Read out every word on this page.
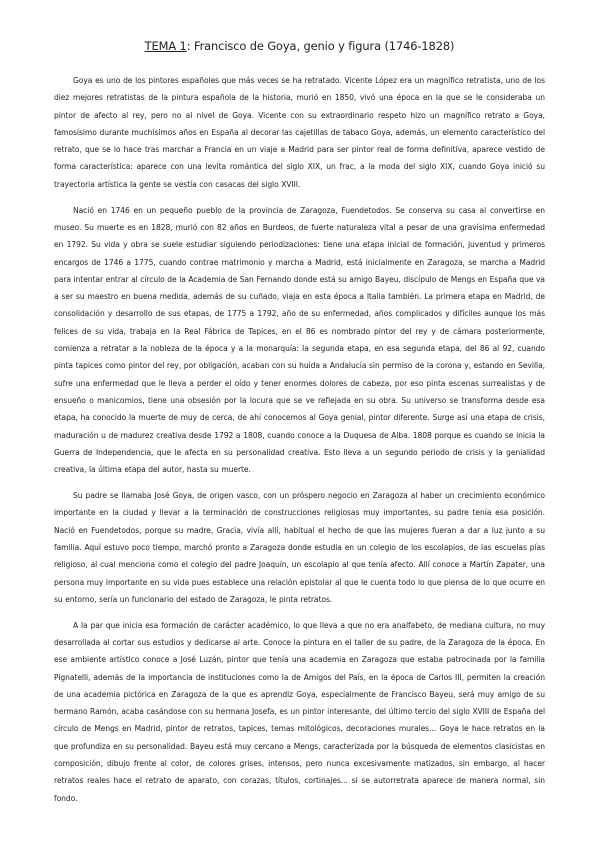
TEMA 1: Francisco de Goya, genio y figura (1746-1828)

Goya es uno de los pintores españoles que más veces se ha retratado. Vicente López era un magnífico retratista, uno de los diez mejores retratistas de la pintura española de la historia, murió en 1850, vivó una época en la que se le consideraba un pintor de afecto al rey, pero no al nivel de Goya. Vicente con su extraordinario respeto hizo un magnífico retrato a Goya, famosísimo durante muchísimos años en España al decorar las cajetillas de tabaco Goya, además, un elemento característico del retrato, que se lo hace tras marchar a Francia en un viaje a Madrid para ser pintor real de forma definitiva, aparece vestido de forma característica: aparece con una levita romántica del siglo XIX, un frac, a la moda del siglo XIX, cuando Goya inició su trayectoria artística la gente se vestía con casacas del siglo XVIII.

Nació en 1746 en un pequeño pueblo de la provincia de Zaragoza, Fuendetodos. Se conserva su casa al convertirse en museo. Su muerte es en 1828, murió con 82 años en Burdeos, de fuerte naturaleza vital a pesar de una gravísima enfermedad en 1792. Su vida y obra se suele estudiar siguiendo periodizaciones: tiene una etapa inicial de formación, juventud y primeros encargos de 1746 a 1775, cuando contrae matrimonio y marcha a Madrid, está inicialmente en Zaragoza, se marcha a Madrid para intentar entrar al círculo de la Academia de San Fernando donde está su amigo Bayeu, discípulo de Mengs en España que va a ser su maestro en buena medida, además de su cuñado, viaja en esta época a Italia también. La primera etapa en Madrid, de consolidación y desarrollo de sus etapas, de 1775 a 1792, año de su enfermedad, años complicados y difíciles aunque los más felices de su vida, trabaja en la Real Fábrica de Tapices, en el 86 es nombrado pintor del rey y de cámara posteriormente, comienza a retratar a la nobleza de la época y a la monarquía: la segunda etapa, en esa segunda etapa, del 86 al 92, cuando pinta tapices como pintor del rey, por obligación, acaban con su huida a Andalucía sin permiso de la corona y, estando en Sevilla, sufre una enfermedad que le lleva a perder el oído y tener enormes dolores de cabeza, por eso pinta escenas surrealistas y de ensueño o manicomios, tiene una obsesión por la locura que se ve reflejada en su obra. Su universo se transforma desde esa etapa, ha conocido la muerte de muy de cerca, de ahí conocemos al Goya genial, pintor diferente. Surge así una etapa de crisis, maduración u de madurez creativa desde 1792 a 1808, cuando conoce a la Duquesa de Alba. 1808 porque es cuando se inicia la Guerra de Independencia, que le afecta en su personalidad creativa. Esto lleva a un segundo periodo de crisis y la genialidad creativa, la última etapa del autor, hasta su muerte.

Su padre se llamaba José Goya, de origen vasco, con un próspero negocio en Zaragoza al haber un crecimiento económico importante en la ciudad y llevar a la terminación de construcciones religiosas muy importantes, su padre tenía esa posición. Nació en Fuendetodos, porque su madre, Gracia, vivía allí, habitual el hecho de que las mujeres fueran a dar a luz junto a su familia. Aquí estuvo poco tiempo, marchó pronto a Zaragoza donde estudia en un colegio de los escolapios, de las escuelas pías religioso, al cual menciona como el colegio del padre Joaquín, un escolapio al que tenía afecto. Allí conoce a Martín Zapater, una persona muy importante en su vida pues establece una relación epistolar al que le cuenta todo lo que piensa de lo que ocurre en su entorno, sería un funcionario del estado de Zaragoza, le pinta retratos.

A la par que inicia esa formación de carácter académico, lo que lleva a que no era analfabeto, de mediana cultura, no muy desarrollada al cortar sus estudios y dedicarse al arte. Conoce la pintura en el taller de su padre, de la Zaragoza de la época. En ese ambiente artístico conoce a José Luzán, pintor que tenía una academia en Zaragoza que estaba patrocinada por la familia Pignatelli, además de la importancia de instituciones como la de Amigos del País, en la época de Carlos III, permiten la creación de una academia pictórica en Zaragoza de la que es aprendiz Goya, especialmente de Francisco Bayeu, será muy amigo de su hermano Ramón, acaba casándose con su hermana Josefa, es un pintor interesante, del último tercio del siglo XVIII de España del círculo de Mengs en Madrid, pintor de retratos, tapices, temas mitológicos, decoraciones murales... Goya le hace retratos en la que profundiza en su personalidad. Bayeu está muy cercano a Mengs, caracterizada por la búsqueda de elementos clasicistas en composición, dibujo frente al color, de colores grises, intensos, pero nunca excesivamente matizados, sin embargo, al hacer retratos reales hace el retrato de aparato, con corazas, títulos, cortinajes... si se autorretrata aparece de manera normal, sin fondo.
